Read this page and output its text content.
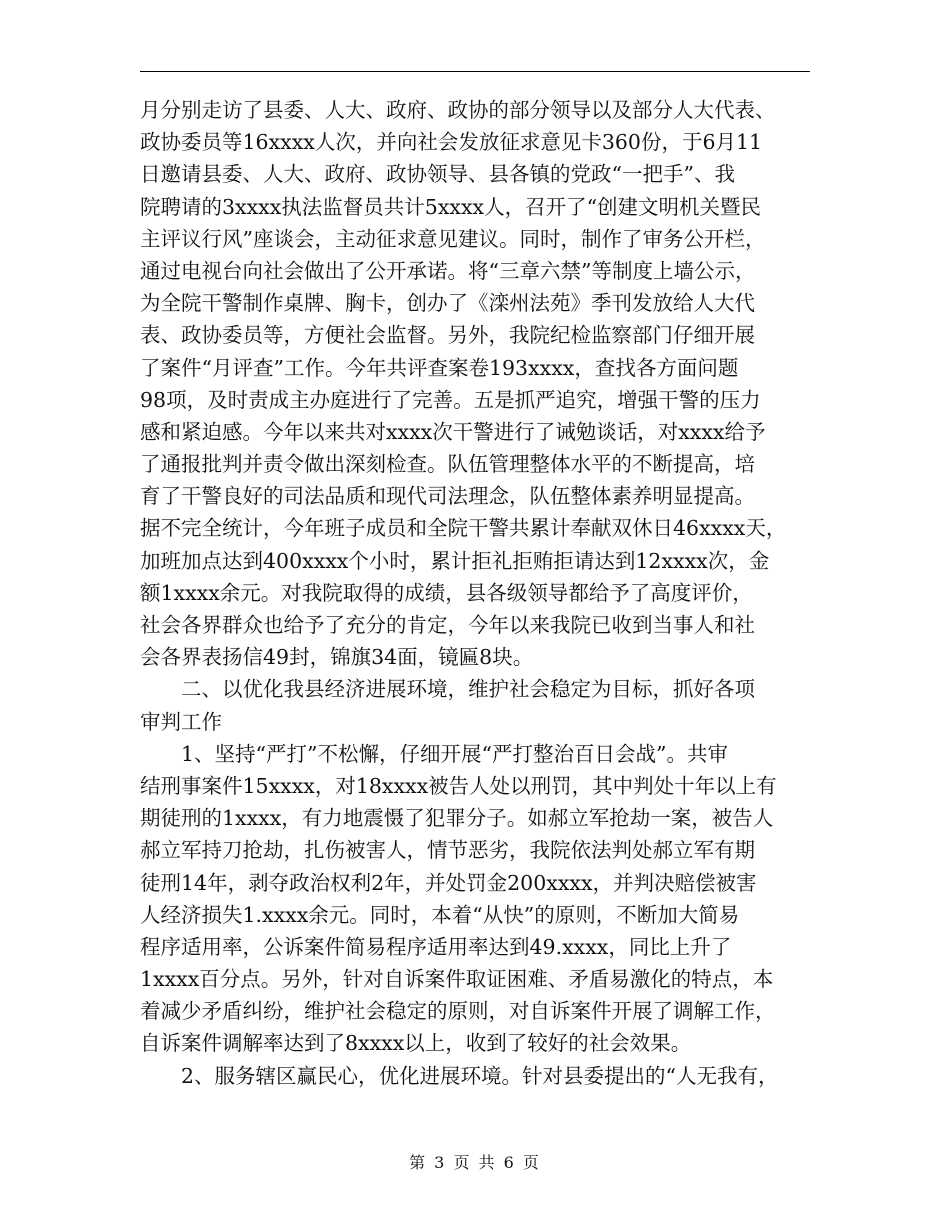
月分别走访了县委、人大、政府、政协的部分领导以及部分人大代表、
政协委员等16xxxx人次，并向社会发放征求意见卡360份，于6月11
日邀请县委、人大、政府、政协领导、县各镇的党政“一把手”、我
院聘请的3xxxx执法监督员共计5xxxx人，召开了“创建文明机关暨民
主评议行风”座谈会，主动征求意见建议。同时，制作了审务公开栏，
通过电视台向社会做出了公开承诺。将“三章六禁”等制度上墙公示，
为全院干警制作桌牌、胸卡，创办了《滦州法苑》季刊发放给人大代
表、政协委员等，方便社会监督。另外，我院纪检监察部门仔细开展
了案件“月评查”工作。今年共评查案卷193xxxx，查找各方面问题
98项，及时责成主办庭进行了完善。五是抓严追究，增强干警的压力
感和紧迫感。今年以来共对xxxx次干警进行了诫勉谈话，对xxxx给予
了通报批判并责令做出深刻检查。队伍管理整体水平的不断提高，培
育了干警良好的司法品质和现代司法理念，队伍整体素养明显提高。
据不完全统计，今年班子成员和全院干警共累计奉献双休日46xxxx天，
加班加点达到400xxxx个小时，累计拒礼拒贿拒请达到12xxxx次，金
额1xxxx余元。对我院取得的成绩，县各级领导都给予了高度评价，
社会各界群众也给予了充分的肯定，今年以来我院已收到当事人和社
会各界表扬信49封，锦旗34面，镜匾8块。
　　二、以优化我县经济进展环境，维护社会稳定为目标，抓好各项
审判工作
　　1、坚持“严打”不松懈，仔细开展“严打整治百日会战”。共审
结刑事案件15xxxx，对18xxxx被告人处以刑罚，其中判处十年以上有
期徒刑的1xxxx，有力地震慑了犯罪分子。如郝立军抢劫一案，被告人
郝立军持刀抢劫，扎伤被害人，情节恶劣，我院依法判处郝立军有期
徒刑14年，剥夺政治权利2年，并处罚金200xxxx，并判决赔偿被害
人经济损失1.xxxx余元。同时，本着“从快”的原则，不断加大简易
程序适用率，公诉案件简易程序适用率达到49.xxxx，同比上升了
1xxxx百分点。另外，针对自诉案件取证困难、矛盾易激化的特点，本
着减少矛盾纠纷，维护社会稳定的原则，对自诉案件开展了调解工作，
自诉案件调解率达到了8xxxx以上，收到了较好的社会效果。
　　2、服务辖区赢民心，优化进展环境。针对县委提出的“人无我有，
第 3 页 共 6 页
